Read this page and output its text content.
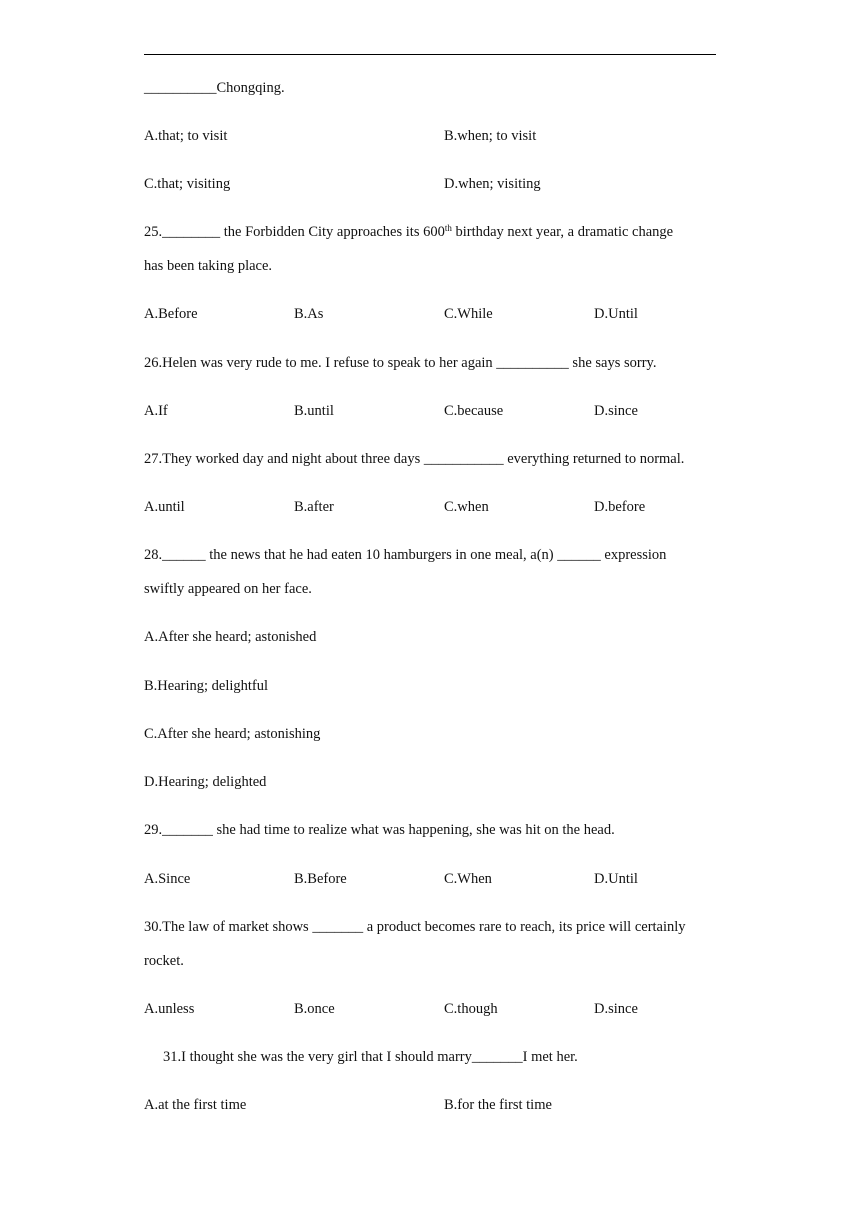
__________Chongqing.
A.that; to visit	B.when; to visit
C.that; visiting	D.when; visiting
25.________ the Forbidden City approaches its 600th birthday next year, a dramatic change
has been taking place.
A.Before	B.As	C.While	D.Until
26.Helen was very rude to me. I refuse to speak to her again __________ she says sorry.
A.If	B.until	C.because	D.since
27.They worked day and night about three days ___________ everything returned to normal.
A.until	B.after	C.when	D.before
28.______ the news that he had eaten 10 hamburgers in one meal, a(n) ______ expression
swiftly appeared on her face.
A.After she heard; astonished
B.Hearing; delightful
C.After she heard; astonishing
D.Hearing; delighted
29._______ she had time to realize what was happening, she was hit on the head.
A.Since	B.Before	C.When	D.Until
30.The law of market shows _______ a product becomes rare to reach, its price will certainly
rocket.
A.unless	B.once	C.though	D.since
31.I thought she was the very girl that I should marry_______I met her.
A.at the first time	B.for the first time
